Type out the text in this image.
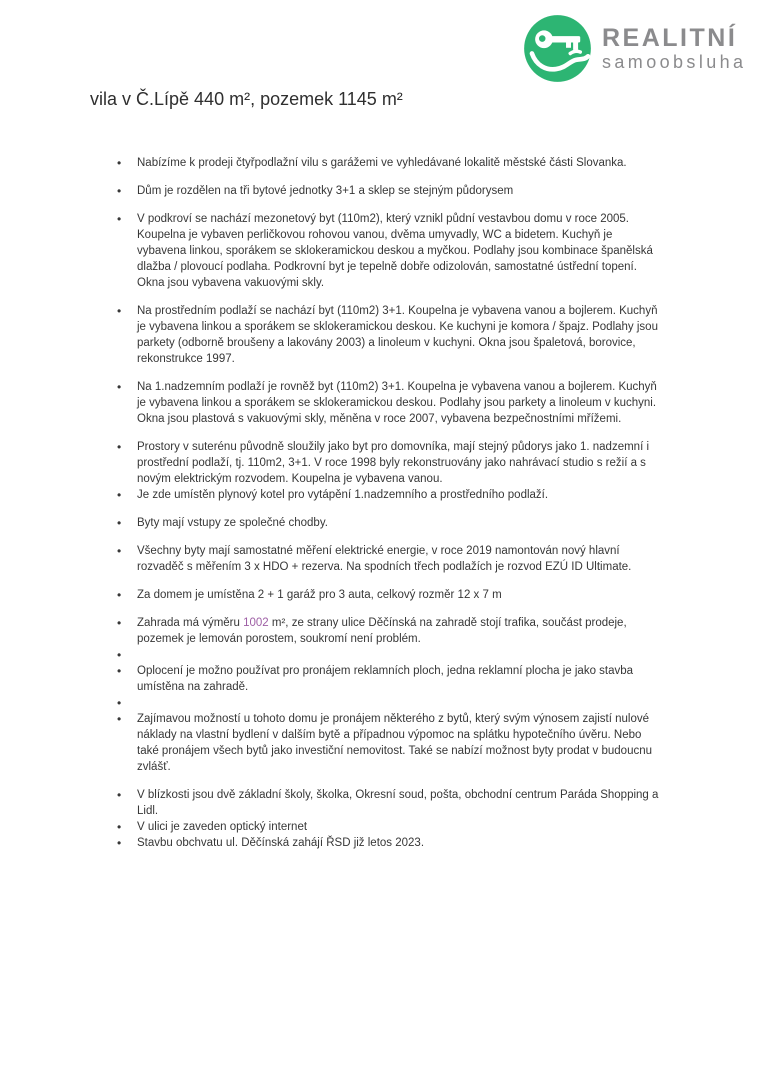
REALITNÍ
samoobsluha
vila v Č.Lípě 440 m², pozemek 1145 m²
• Nabízíme k prodeji čtyřpodlažní vilu s garážemi ve vyhledávané lokalitě městské části Slovanka.
• Dům je rozdělen na tři bytové jednotky 3+1 a sklep se stejným půdorysem
• V podkroví se nachází mezonetový byt (110m2), který vznikl půdní vestavbou domu v roce 2005. Koupelna je vybaven perličkovou rohovou vanou, dvěma umyvadly, WC a bidetem. Kuchyň je vybavena linkou, sporákem se sklokeramickou deskou a myčkou. Podlahy jsou kombinace španělská dlažba / plovoucí podlaha. Podkrovní byt je tepelně dobře odizolován, samostatné ústřední topení. Okna jsou vybavena vakuovými skly.
• Na prostředním podlaží se nachází byt (110m2) 3+1. Koupelna je vybavena vanou a bojlerem. Kuchyň je vybavena linkou a sporákem se sklokeramickou deskou. Ke kuchyni je komora / špajz. Podlahy jsou parkety (odborně broušeny a lakovány 2003) a linoleum v kuchyni. Okna jsou špaletová, borovice, rekonstrukce 1997.
• Na 1.nadzemním podlaží je rovněž byt (110m2) 3+1. Koupelna je vybavena vanou a bojlerem. Kuchyň je vybavena linkou a sporákem se sklokeramickou deskou. Podlahy jsou parkety a linoleum v kuchyni. Okna jsou plastová s vakuovými skly, měněna v roce 2007, vybavena bezpečnostními mřížemi.
• Prostory v suterénu původně sloužily jako byt pro domovníka, mají stejný půdorys jako 1. nadzemní i prostřední podlaží, tj. 110m2, 3+1. V roce 1998 byly rekonstruovány jako nahrávací studio s režií a s novým elektrickým rozvodem. Koupelna je vybavena vanou.
• Je zde umístěn plynový kotel pro vytápění 1.nadzemního a prostředního podlaží.
• Byty mají vstupy ze společné chodby.
• Všechny byty mají samostatné měření elektrické energie, v roce 2019 namontován nový hlavní rozvaděč s měřením 3 x HDO + rezerva. Na spodních třech podlažích je rozvod EZÚ ID Ultimate.
• Za domem je umístěna 2 + 1 garáž pro 3 auta, celkový rozměr 12 x 7 m
• Zahrada má výměru 1002 m², ze strany ulice Děčínská na zahradě stojí trafika, součást prodeje, pozemek je lemován porostem, soukromí není problém.
•
• Oplocení je možno používat pro pronájem reklamních ploch, jedna reklamní plocha je jako stavba umístěna na zahradě.
•
• Zajímavou možností u tohoto domu je pronájem některého z bytů, který svým výnosem zajistí nulové náklady na vlastní bydlení v dalším bytě a případnou výpomoc na splátku hypotečního úvěru. Nebo také pronájem všech bytů jako investiční nemovitost. Také se nabízí možnost byty prodat v budoucnu zvlášť.
• V blízkosti jsou dvě základní školy, školka, Okresní soud, pošta, obchodní centrum Paráda Shopping a Lidl.
• V ulici je zaveden optický internet
• Stavbu obchvatu ul. Děčínská zahájí ŘSD již letos 2023.
